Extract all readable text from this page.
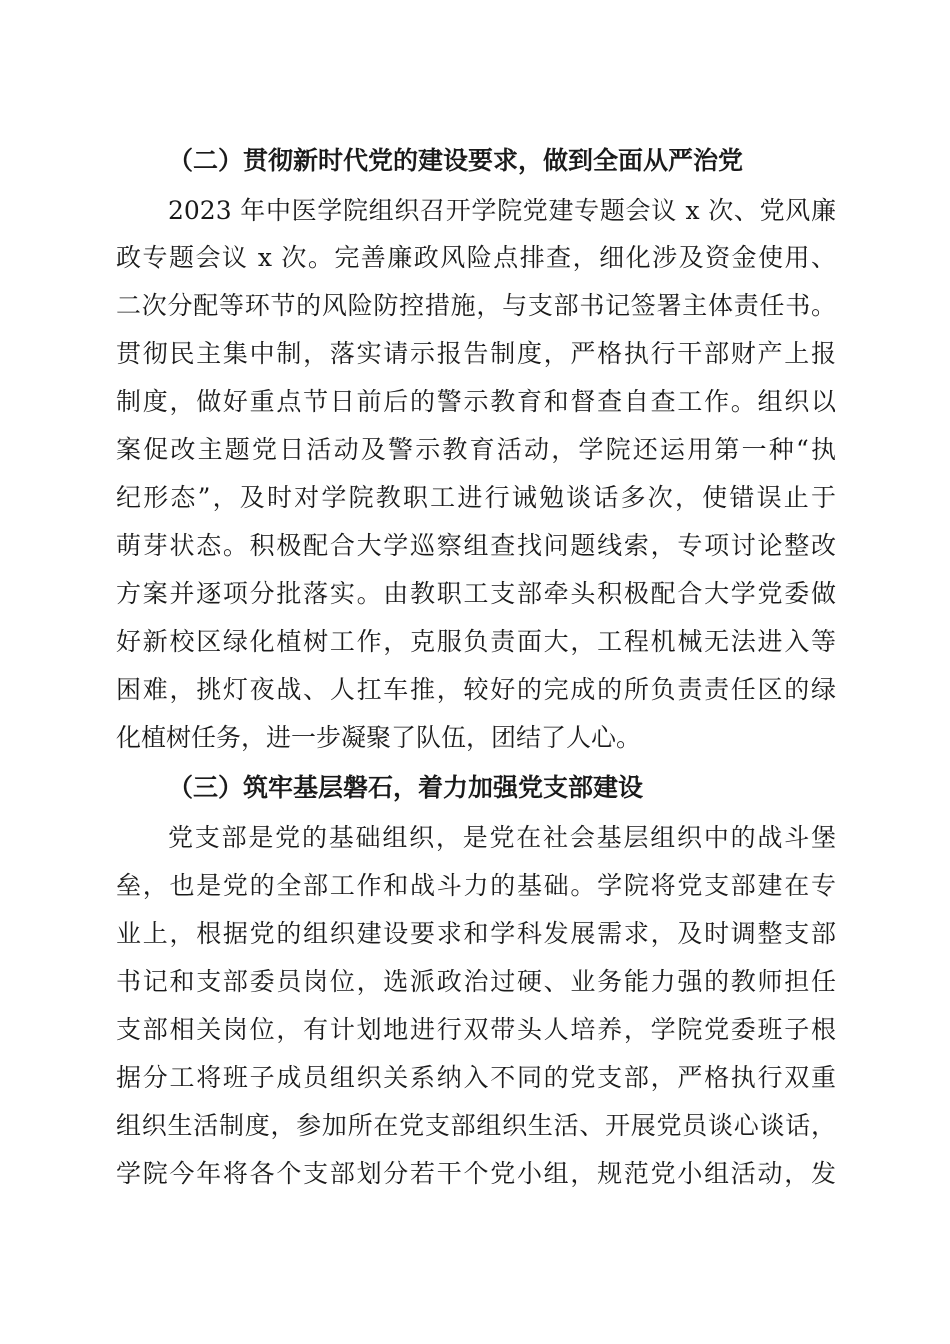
（二）贯彻新时代党的建设要求，做到全面从严治党
2023 年中医学院组织召开学院党建专题会议 x 次、党风廉
政专题会议 x 次。完善廉政风险点排查，细化涉及资金使用、
二次分配等环节的风险防控措施，与支部书记签署主体责任书。
贯彻民主集中制，落实请示报告制度，严格执行干部财产上报
制度，做好重点节日前后的警示教育和督查自查工作。组织以
案促改主题党日活动及警示教育活动，学院还运用第一种“执
纪形态”，及时对学院教职工进行诫勉谈话多次，使错误止于
萌芽状态。积极配合大学巡察组查找问题线索，专项讨论整改
方案并逐项分批落实。由教职工支部牵头积极配合大学党委做
好新校区绿化植树工作，克服负责面大，工程机械无法进入等
困难，挑灯夜战、人扛车推，较好的完成的所负责责任区的绿
化植树任务，进一步凝聚了队伍，团结了人心。
（三）筑牢基层磐石，着力加强党支部建设
党支部是党的基础组织，是党在社会基层组织中的战斗堡
垒，也是党的全部工作和战斗力的基础。学院将党支部建在专
业上，根据党的组织建设要求和学科发展需求，及时调整支部
书记和支部委员岗位，选派政治过硬、业务能力强的教师担任
支部相关岗位，有计划地进行双带头人培养，学院党委班子根
据分工将班子成员组织关系纳入不同的党支部，严格执行双重
组织生活制度，参加所在党支部组织生活、开展党员谈心谈话，
学院今年将各个支部划分若干个党小组，规范党小组活动，发
